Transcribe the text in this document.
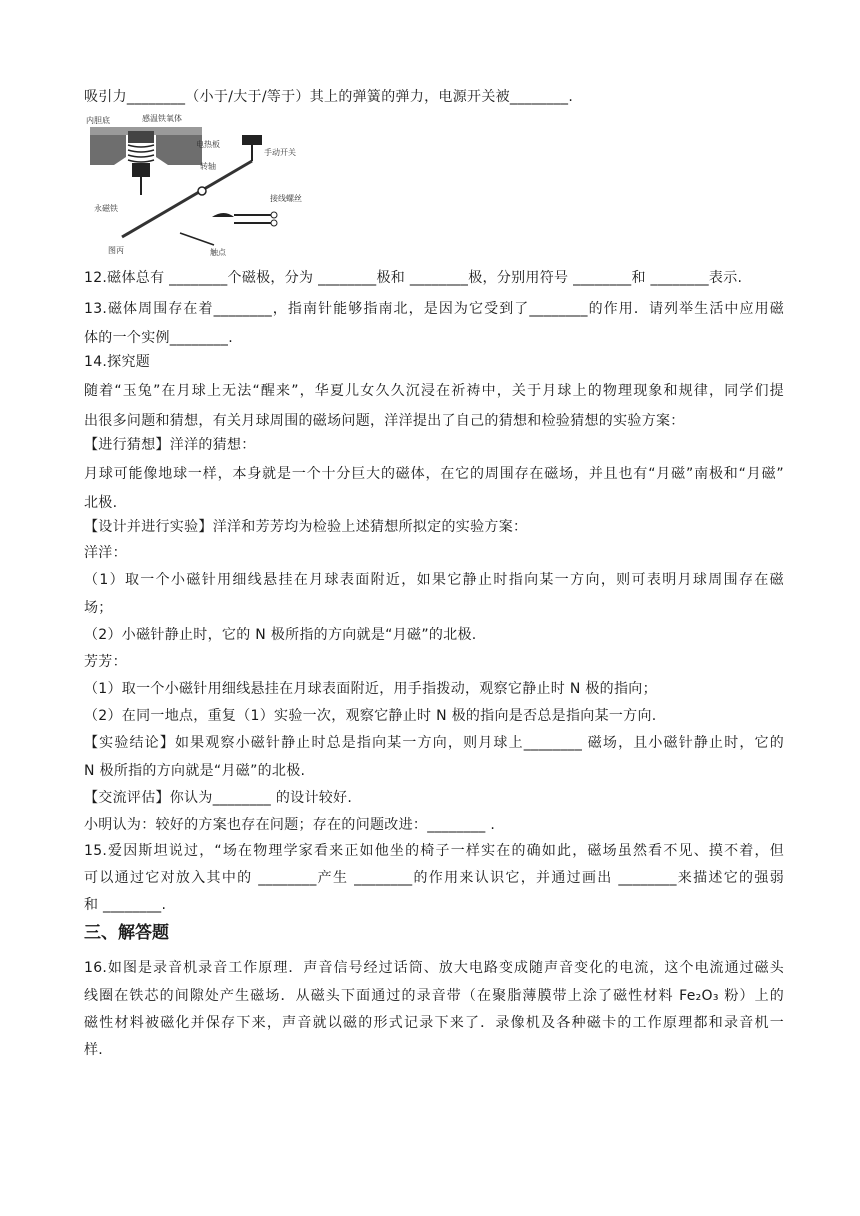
吸引力________（小于/大于/等于）其上的弹簧的弹力，电源开关被________.
内胆底	感温铁氧体
电热板
转轴
手动开关
永磁铁
接线螺丝
图丙	触点
12.磁体总有 ________个磁极，分为 ________极和 ________极，分别用符号 ________和 ________表示.
13.磁体周围存在着________，指南针能够指南北，是因为它受到了________的作用．请列举生活中应用磁
体的一个实例________.
14.探究题
随着“玉兔”在月球上无法“醒来”，华夏儿女久久沉浸在祈祷中，关于月球上的物理现象和规律，同学们提
出很多问题和猜想，有关月球周围的磁场问题，洋洋提出了自己的猜想和检验猜想的实验方案：
【进行猜想】洋洋的猜想：
月球可能像地球一样，本身就是一个十分巨大的磁体，在它的周围存在磁场，并且也有“月磁”南极和“月磁”
北极.
【设计并进行实验】洋洋和芳芳均为检验上述猜想所拟定的实验方案：
洋洋：
（1）取一个小磁针用细线悬挂在月球表面附近，如果它静止时指向某一方向，则可表明月球周围存在磁
场；
（2）小磁针静止时，它的 N 极所指的方向就是“月磁”的北极.
芳芳：
（1）取一个小磁针用细线悬挂在月球表面附近，用手指拨动，观察它静止时 N 极的指向；
（2）在同一地点，重复（1）实验一次，观察它静止时 N 极的指向是否总是指向某一方向.
【实验结论】如果观察小磁针静止时总是指向某一方向，则月球上________ 磁场，且小磁针静止时，它的
N 极所指的方向就是“月磁”的北极.
【交流评估】你认为________ 的设计较好.
小明认为：较好的方案也存在问题；存在的问题改进：________ .
15.爱因斯坦说过，“场在物理学家看来正如他坐的椅子一样实在的确如此，磁场虽然看不见、摸不着，但
可以通过它对放入其中的 ________产生 ________的作用来认识它，并通过画出 ________来描述它的强弱
和 ________.
三、解答题
16.如图是录音机录音工作原理．声音信号经过话筒、放大电路变成随声音变化的电流，这个电流通过磁头
线圈在铁芯的间隙处产生磁场．从磁头下面通过的录音带（在聚脂薄膜带上涂了磁性材料 Fe₂O₃ 粉）上的
磁性材料被磁化并保存下来，声音就以磁的形式记录下来了．录像机及各种磁卡的工作原理都和录音机一
样.
